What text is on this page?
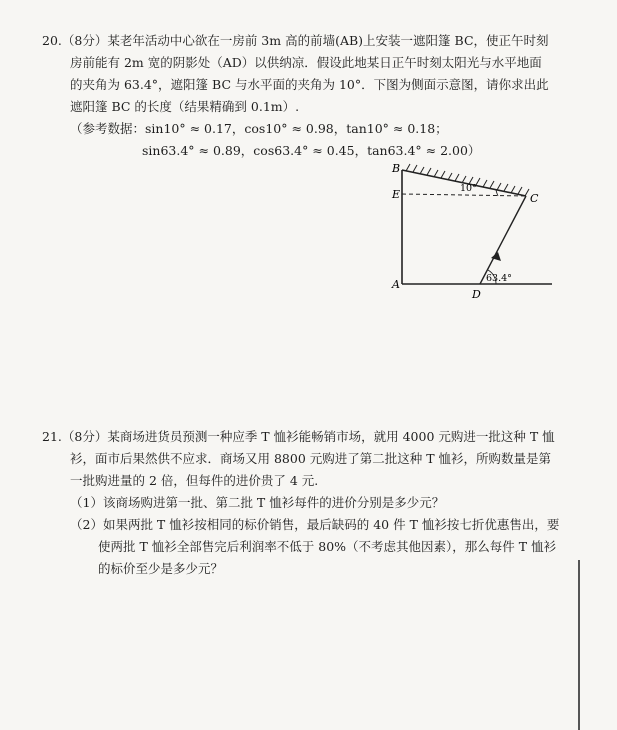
20.（8分）某老年活动中心欲在一房前 3m 高的前墙(AB)上安装一遮阳篷 BC，使正午时刻
房前能有 2m 宽的阴影处（AD）以供纳凉．假设此地某日正午时刻太阳光与水平地面
的夹角为 63.4°，遮阳篷 BC 与水平面的夹角为 10°．下图为侧面示意图，请你求出此
遮阳篷 BC 的长度（结果精确到 0.1m）.
（参考数据：sin10° ≈ 0.17，cos10° ≈ 0.98，tan10° ≈ 0.18；
sin63.4° ≈ 0.89，cos63.4° ≈ 0.45，tan63.4° ≈ 2.00）
B
E	C
A
D
10°
63.4°
21.（8分）某商场进货员预测一种应季 T 恤衫能畅销市场，就用 4000 元购进一批这种 T 恤
衫，面市后果然供不应求．商场又用 8800 元购进了第二批这种 T 恤衫，所购数量是第
一批购进量的 2 倍，但每件的进价贵了 4 元.
（1）该商场购进第一批、第二批 T 恤衫每件的进价分别是多少元？
（2）如果两批 T 恤衫按相同的标价销售，最后缺码的 40 件 T 恤衫按七折优惠售出，要
使两批 T 恤衫全部售完后利润率不低于 80%（不考虑其他因素），那么每件 T 恤衫
的标价至少是多少元？
